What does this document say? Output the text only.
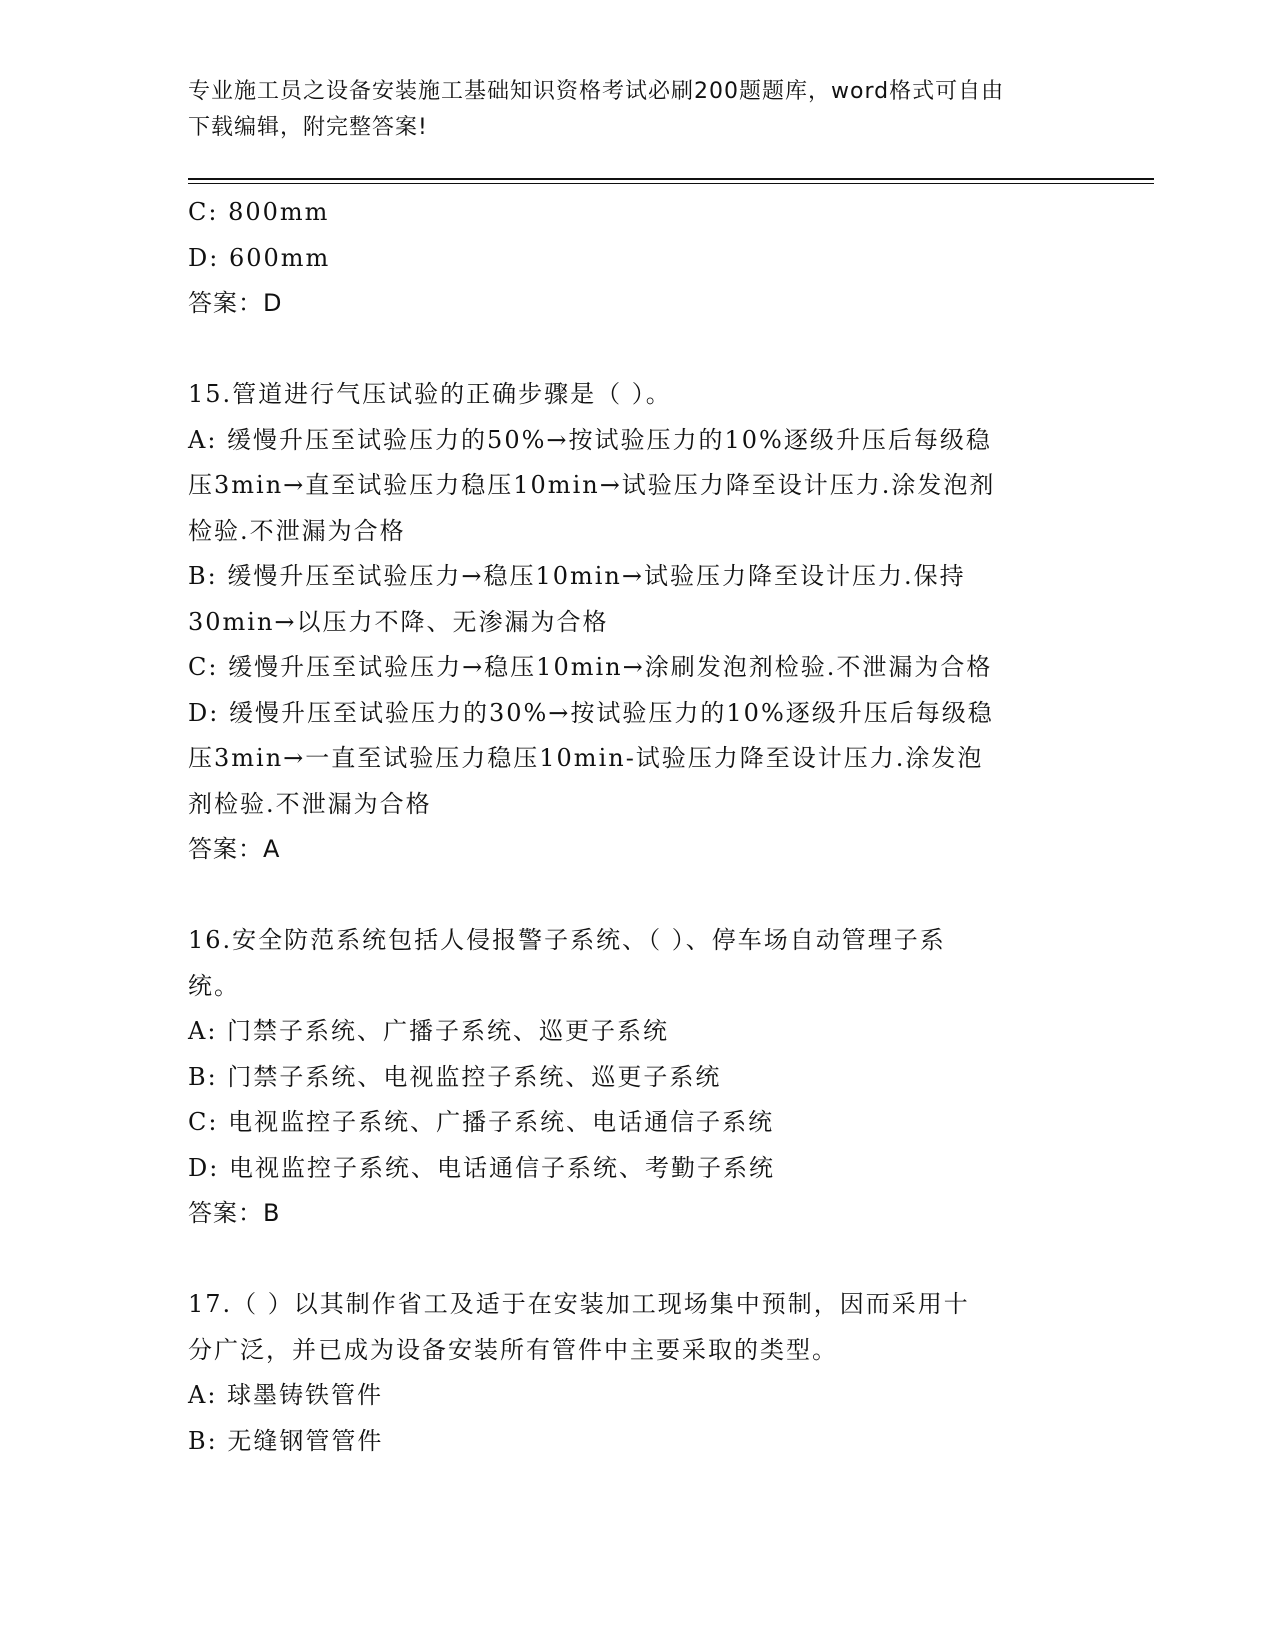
专业施工员之设备安装施工基础知识资格考试必刷200题题库，word格式可自由
下载编辑，附完整答案!
C: 800mm
D: 600mm
答案：D
15.管道进行气压试验的正确步骤是（ ）。
A: 缓慢升压至试验压力的50%→按试验压力的10%逐级升压后每级稳
压3min→直至试验压力稳压10min→试验压力降至设计压力.涂发泡剂
检验.不泄漏为合格
B: 缓慢升压至试验压力→稳压10min→试验压力降至设计压力.保持
30min→以压力不降、无渗漏为合格
C: 缓慢升压至试验压力→稳压10min→涂刷发泡剂检验.不泄漏为合格
D: 缓慢升压至试验压力的30%→按试验压力的10%逐级升压后每级稳
压3min→一直至试验压力稳压10min-试验压力降至设计压力.涂发泡
剂检验.不泄漏为合格
答案：A
16.安全防范系统包括人侵报警子系统、（ ）、停车场自动管理子系
统。
A: 门禁子系统、广播子系统、巡更子系统
B: 门禁子系统、电视监控子系统、巡更子系统
C: 电视监控子系统、广播子系统、电话通信子系统
D: 电视监控子系统、电话通信子系统、考勤子系统
答案：B
17.（ ）以其制作省工及适于在安装加工现场集中预制，因而采用十
分广泛，并已成为设备安装所有管件中主要采取的类型。
A: 球墨铸铁管件
B: 无缝钢管管件
